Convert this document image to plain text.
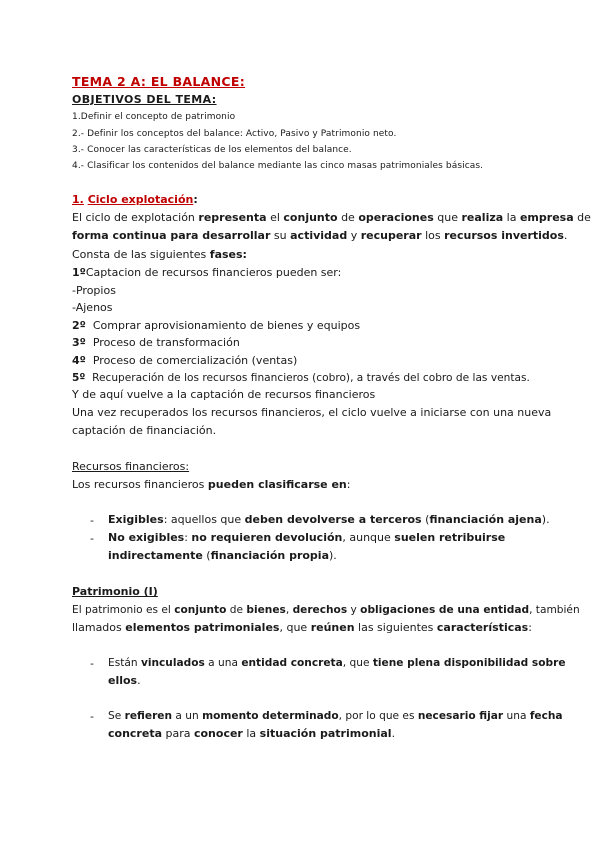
TEMA 2 A: EL BALANCE:
OBJETIVOS DEL TEMA:
1.Definir el concepto de patrimonio
2.- Definir los conceptos del balance: Activo, Pasivo y Patrimonio neto.
3.- Conocer las características de los elementos del balance.
4.- Clasificar los contenidos del balance mediante las cinco masas patrimoniales básicas.
1. Ciclo explotación:
El ciclo de explotación representa el conjunto de operaciones que realiza la empresa de
forma continua para desarrollar su actividad y recuperar los recursos invertidos.
Consta de las siguientes fases:
1ºCaptacion de recursos financieros pueden ser:
-Propios
-Ajenos
2º  Comprar aprovisionamiento de bienes y equipos
3º  Proceso de transformación
4º  Proceso de comercialización (ventas)
5º  Recuperación de los recursos financieros (cobro), a través del cobro de las ventas.
Y de aquí vuelve a la captación de recursos financieros
Una vez recuperados los recursos financieros, el ciclo vuelve a iniciarse con una nueva
captación de financiación.
Recursos financieros:
Los recursos financieros pueden clasificarse en:
- Exigibles: aquellos que deben devolverse a terceros (financiación ajena).
- No exigibles: no requieren devolución, aunque suelen retribuirse
indirectamente (financiación propia).
Patrimonio (I)
El patrimonio es el conjunto de bienes, derechos y obligaciones de una entidad, también
llamados elementos patrimoniales, que reúnen las siguientes características:
- Están vinculados a una entidad concreta, que tiene plena disponibilidad sobre
ellos.
- Se refieren a un momento determinado, por lo que es necesario fijar una fecha
concreta para conocer la situación patrimonial.
